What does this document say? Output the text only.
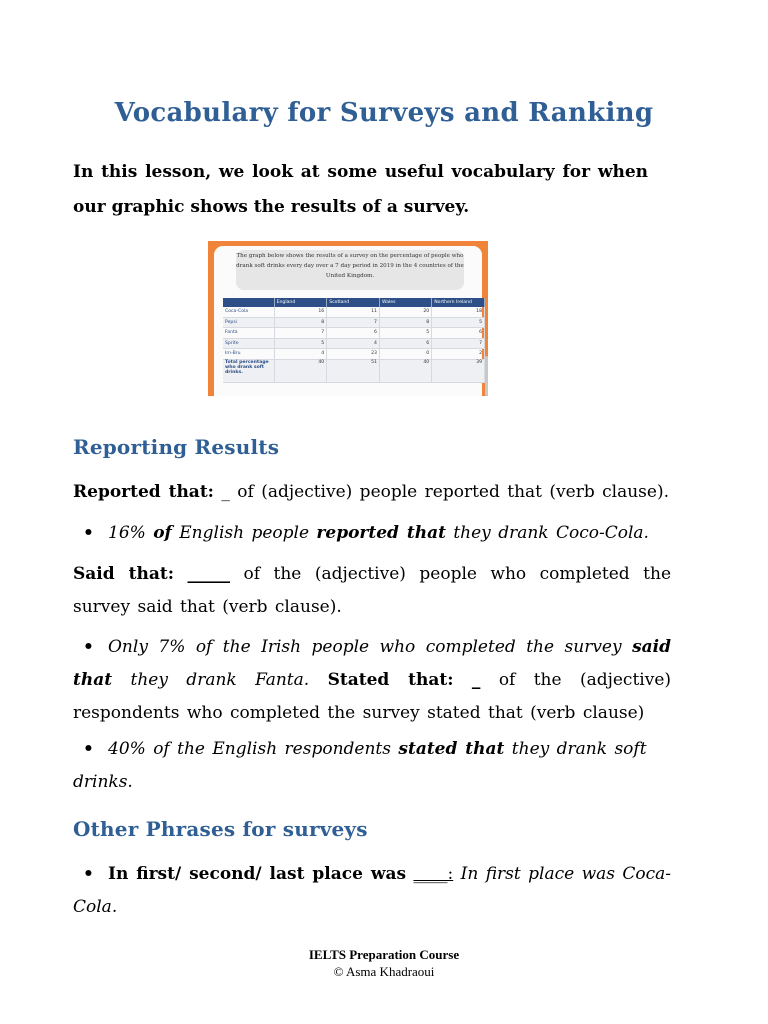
Vocabulary for Surveys and Ranking
In this lesson, we look at some useful vocabulary for when our graphic shows the results of a survey.
The graph below shows the results of a survey on the percentage of people who drank soft drinks every day over a 7 day period in 2019 in the 4 countries of the United Kingdom.
	England	Scotland	Wales	Northern Ireland
Coca-Cola	16	11	20	18
Pepsi	8	7	8	5
Fanta	7	6	5	6
Sprite	5	4	6	7
Irn-Bru	4	23	0	2
Total percentage who drank soft drinks.	40	51	40	39
Reporting Results
Reported that: _ of (adjective) people reported that (verb clause).
• 16% of English people reported that they drank Coco-Cola.
Said that: _____ of the (adjective) people who completed the survey said that (verb clause).
• Only 7% of the Irish people who completed the survey said that they drank Fanta. Stated that: _ of the (adjective) respondents who completed the survey stated that (verb clause)
• 40% of the English respondents stated that they drank soft drinks.
Other Phrases for surveys
• In first/ second/ last place was ____: In first place was Coca-Cola.
IELTS Preparation Course
© Asma Khadraoui
